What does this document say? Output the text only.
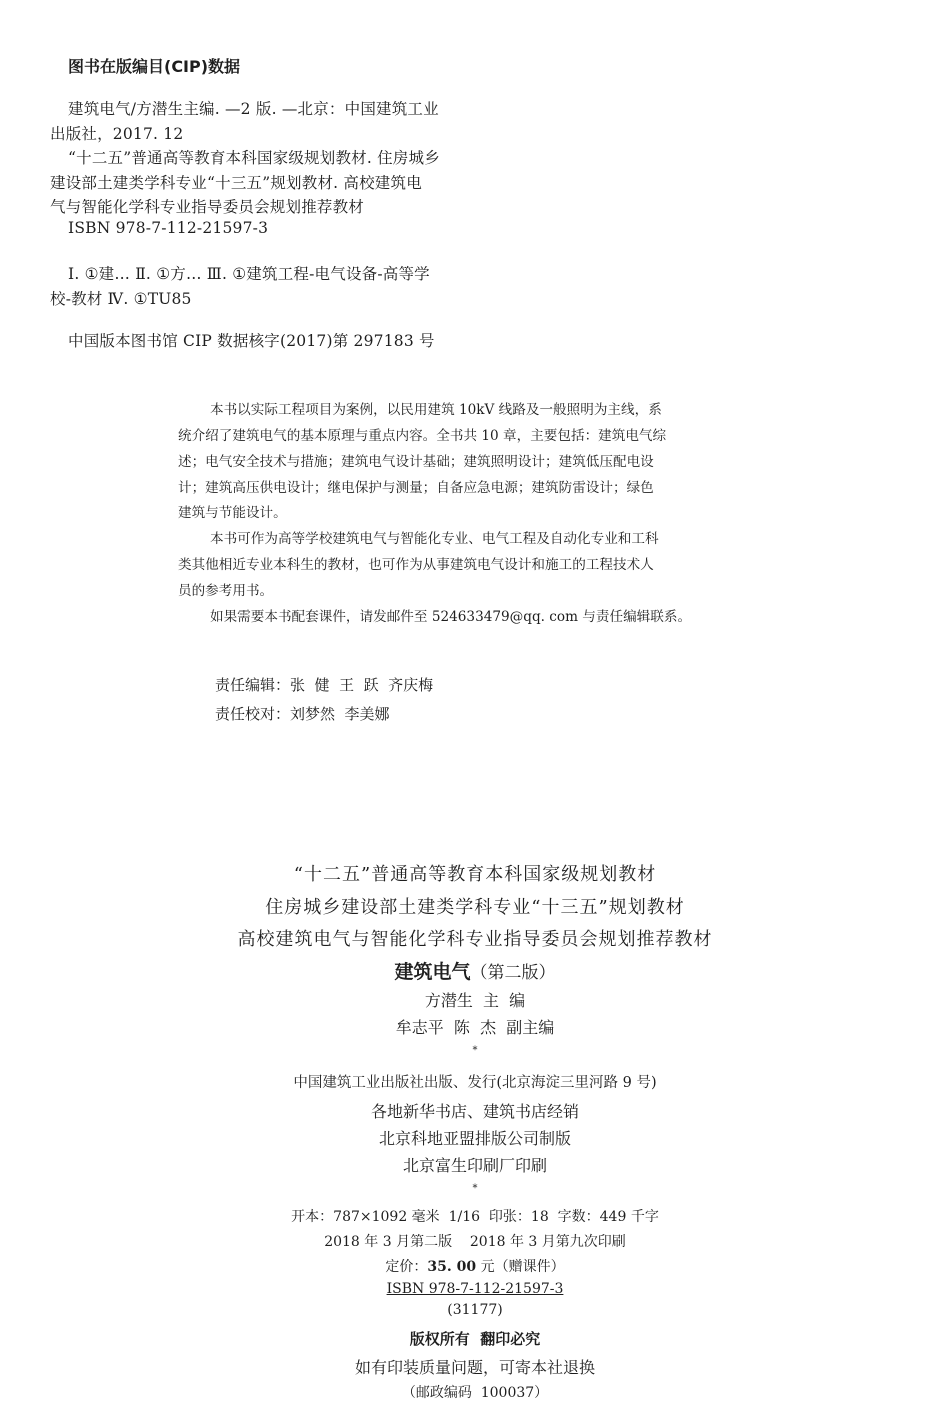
图书在版编目(CIP)数据
建筑电气/方潜生主编. —2 版. —北京：中国建筑工业
出版社，2017. 12
“十二五”普通高等教育本科国家级规划教材. 住房城乡
建设部土建类学科专业“十三五”规划教材. 高校建筑电
气与智能化学科专业指导委员会规划推荐教材
ISBN 978-7-112-21597-3
Ⅰ. ①建… Ⅱ. ①方… Ⅲ. ①建筑工程-电气设备-高等学
校-教材 Ⅳ. ①TU85
中国版本图书馆 CIP 数据核字(2017)第 297183 号
本书以实际工程项目为案例，以民用建筑 10kV 线路及一般照明为主线，系
统介绍了建筑电气的基本原理与重点内容。全书共 10 章，主要包括：建筑电气综
述；电气安全技术与措施；建筑电气设计基础；建筑照明设计；建筑低压配电设
计；建筑高压供电设计；继电保护与测量；自备应急电源；建筑防雷设计；绿色
建筑与节能设计。
本书可作为高等学校建筑电气与智能化专业、电气工程及自动化专业和工科
类其他相近专业本科生的教材，也可作为从事建筑电气设计和施工的工程技术人
员的参考用书。
如果需要本书配套课件，请发邮件至 524633479@qq. com 与责任编辑联系。
责任编辑：张  健  王  跃  齐庆梅
责任校对：刘梦然  李美娜
“十二五”普通高等教育本科国家级规划教材
住房城乡建设部土建类学科专业“十三五”规划教材
高校建筑电气与智能化学科专业指导委员会规划推荐教材
建筑电气（第二版）
方潜生  主  编
牟志平  陈  杰  副主编
*
中国建筑工业出版社出版、发行(北京海淀三里河路 9 号)
各地新华书店、建筑书店经销
北京科地亚盟排版公司制版
北京富生印刷厂印刷
*
开本：787×1092 毫米  1/16  印张：18  字数：449 千字
2018 年 3 月第二版    2018 年 3 月第九次印刷
定价：35. 00 元（赠课件）
ISBN 978-7-112-21597-3
(31177)
版权所有  翻印必究
如有印装质量问题，可寄本社退换
（邮政编码  100037）
